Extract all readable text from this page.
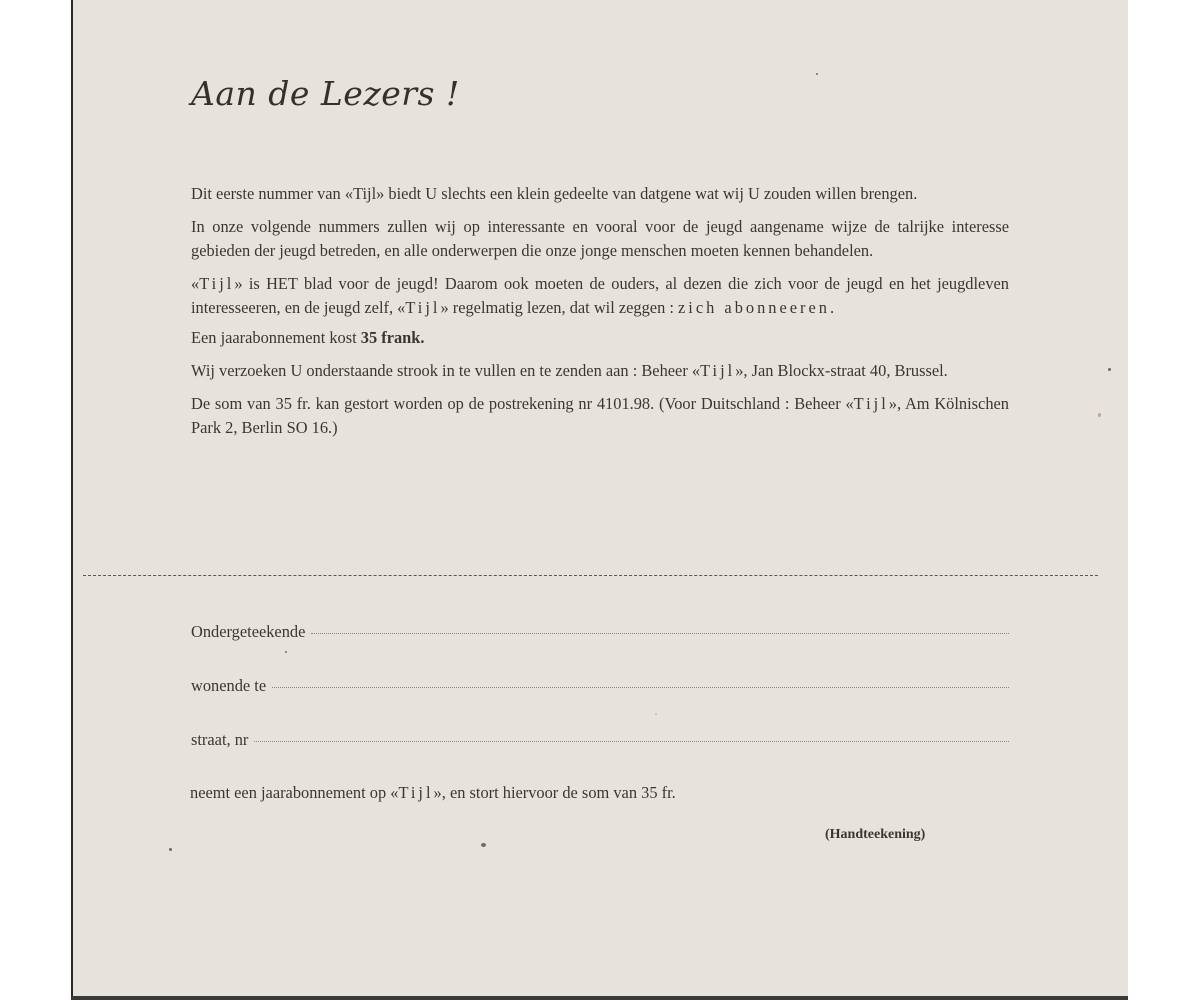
Aan de Lezers !

Dit eerste nummer van «Tijl» biedt U slechts een klein gedeelte van datgene wat wij U zouden willen brengen.

In onze volgende nummers zullen wij op interessante en vooral voor de jeugd aangename wijze de talrijke interesse gebieden der jeugd betreden, en alle onderwerpen die onze jonge menschen moeten kennen behandelen.

«Tijl» is HET blad voor de jeugd! Daarom ook moeten de ouders, al dezen die zich voor de jeugd en het jeugdleven interesseeren, en de jeugd zelf, «Tijl» regelmatig lezen, dat wil zeggen : zich abonneeren.

Een jaarabonnement kost 35 frank.

Wij verzoeken U onderstaande strook in te vullen en te zenden aan : Beheer «Tijl», Jan Blockx-straat 40, Brussel.

De som van 35 fr. kan gestort worden op de postrekening nr 4101.98. (Voor Duitschland : Beheer «Tijl», Am Kölnischen Park 2, Berlin SO 16.)

Ondergeteekende
wonende te
straat, nr

neemt een jaarabonnement op «Tijl», en stort hiervoor de som van 35 fr.

(Handteekening)
